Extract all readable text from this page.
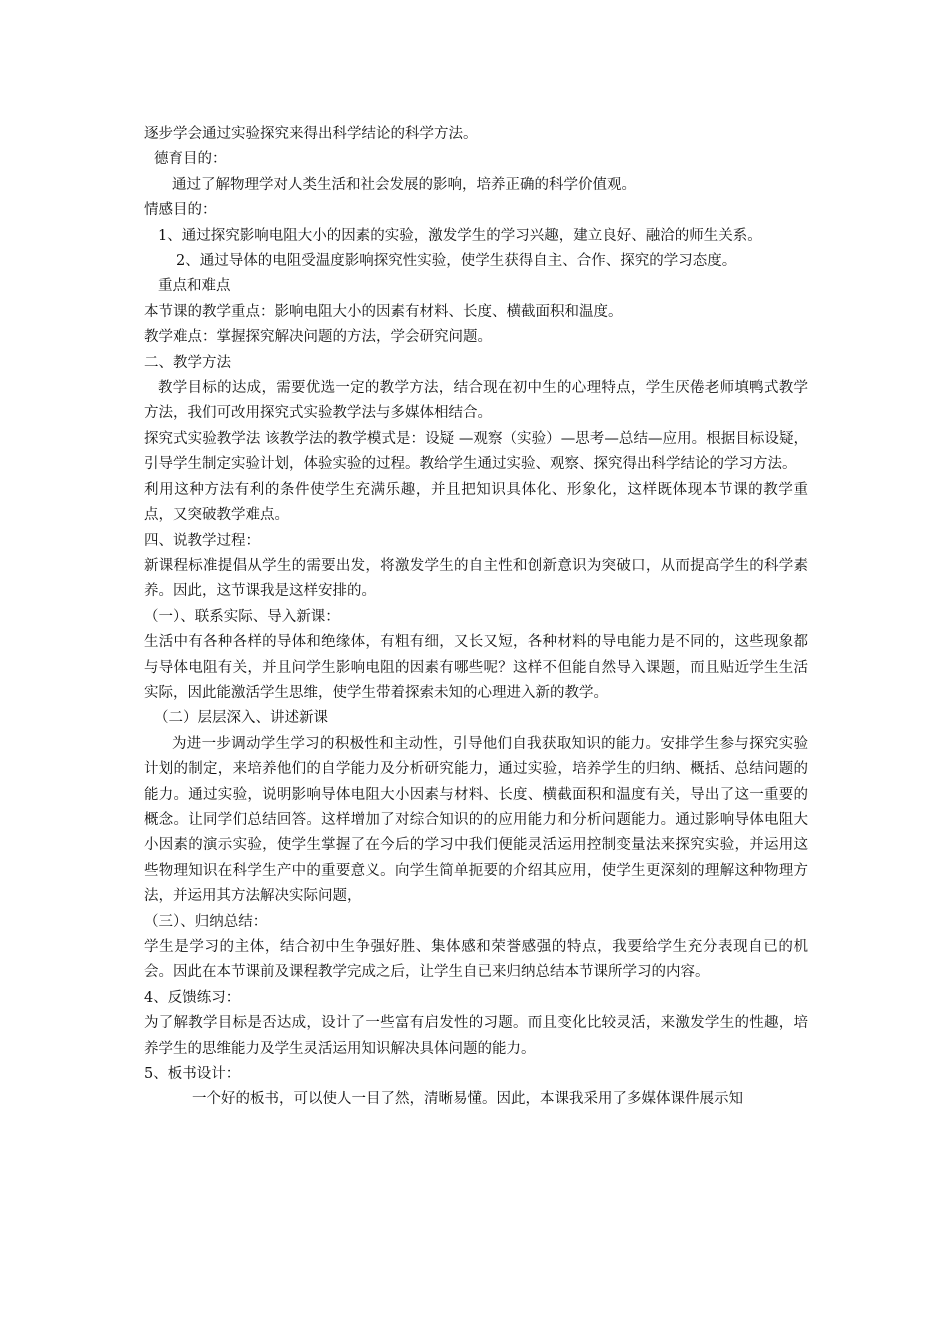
逐步学会通过实验探究来得出科学结论的科学方法。

德育目的：

通过了解物理学对人类生活和社会发展的影响，培养正确的科学价值观。

情感目的：

1、通过探究影响电阻大小的因素的实验，激发学生的学习兴趣，建立良好、融洽的师生关系。

2、通过导体的电阻受温度影响探究性实验，使学生获得自主、合作、探究的学习态度。

重点和难点

本节课的教学重点：影响电阻大小的因素有材料、长度、横截面积和温度。

教学难点：掌握探究解决问题的方法，学会研究问题。

二、教学方法

教学目标的达成，需要优选一定的教学方法，结合现在初中生的心理特点，学生厌倦老师填鸭式教学方法，我们可改用探究式实验教学法与多媒体相结合。

探究式实验教学法 该教学法的教学模式是：设疑 —观察（实验）—思考—总结—应用。根据目标设疑，引导学生制定实验计划，体验实验的过程。教给学生通过实验、观察、探究得出科学结论的学习方法。

利用这种方法有利的条件使学生充满乐趣，并且把知识具体化、形象化，这样既体现本节课的教学重点，又突破教学难点。

四、说教学过程：

新课程标准提倡从学生的需要出发，将激发学生的自主性和创新意识为突破口，从而提高学生的科学素养。因此，这节课我是这样安排的。

（一）、联系实际、导入新课：

生活中有各种各样的导体和绝缘体，有粗有细，又长又短，各种材料的导电能力是不同的，这些现象都与导体电阻有关，并且问学生影响电阻的因素有哪些呢？这样不但能自然导入课题，而且贴近学生生活实际，因此能激活学生思维，使学生带着探索未知的心理进入新的教学。

（二）层层深入、讲述新课

为进一步调动学生学习的积极性和主动性，引导他们自我获取知识的能力。安排学生参与探究实验计划的制定，来培养他们的自学能力及分析研究能力，通过实验，培养学生的归纳、概括、总结问题的能力。通过实验，说明影响导体电阻大小因素与材料、长度、横截面积和温度有关，导出了这一重要的概念。让同学们总结回答。这样增加了对综合知识的的应用能力和分析问题能力。通过影响导体电阻大小因素的演示实验，使学生掌握了在今后的学习中我们便能灵活运用控制变量法来探究实验，并运用这些物理知识在科学生产中的重要意义。向学生简单扼要的介绍其应用，使学生更深刻的理解这种物理方法，并运用其方法解决实际问题，

（三）、归纳总结：

学生是学习的主体，结合初中生争强好胜、集体感和荣誉感强的特点，我要给学生充分表现自已的机会。因此在本节课前及课程教学完成之后，让学生自已来归纳总结本节课所学习的内容。

4、反馈练习：

为了解教学目标是否达成，设计了一些富有启发性的习题。而且变化比较灵活，来激发学生的性趣，培养学生的思维能力及学生灵活运用知识解决具体问题的能力。

5、板书设计：

一个好的板书，可以使人一目了然，清晰易懂。因此，本课我采用了多媒体课件展示知
